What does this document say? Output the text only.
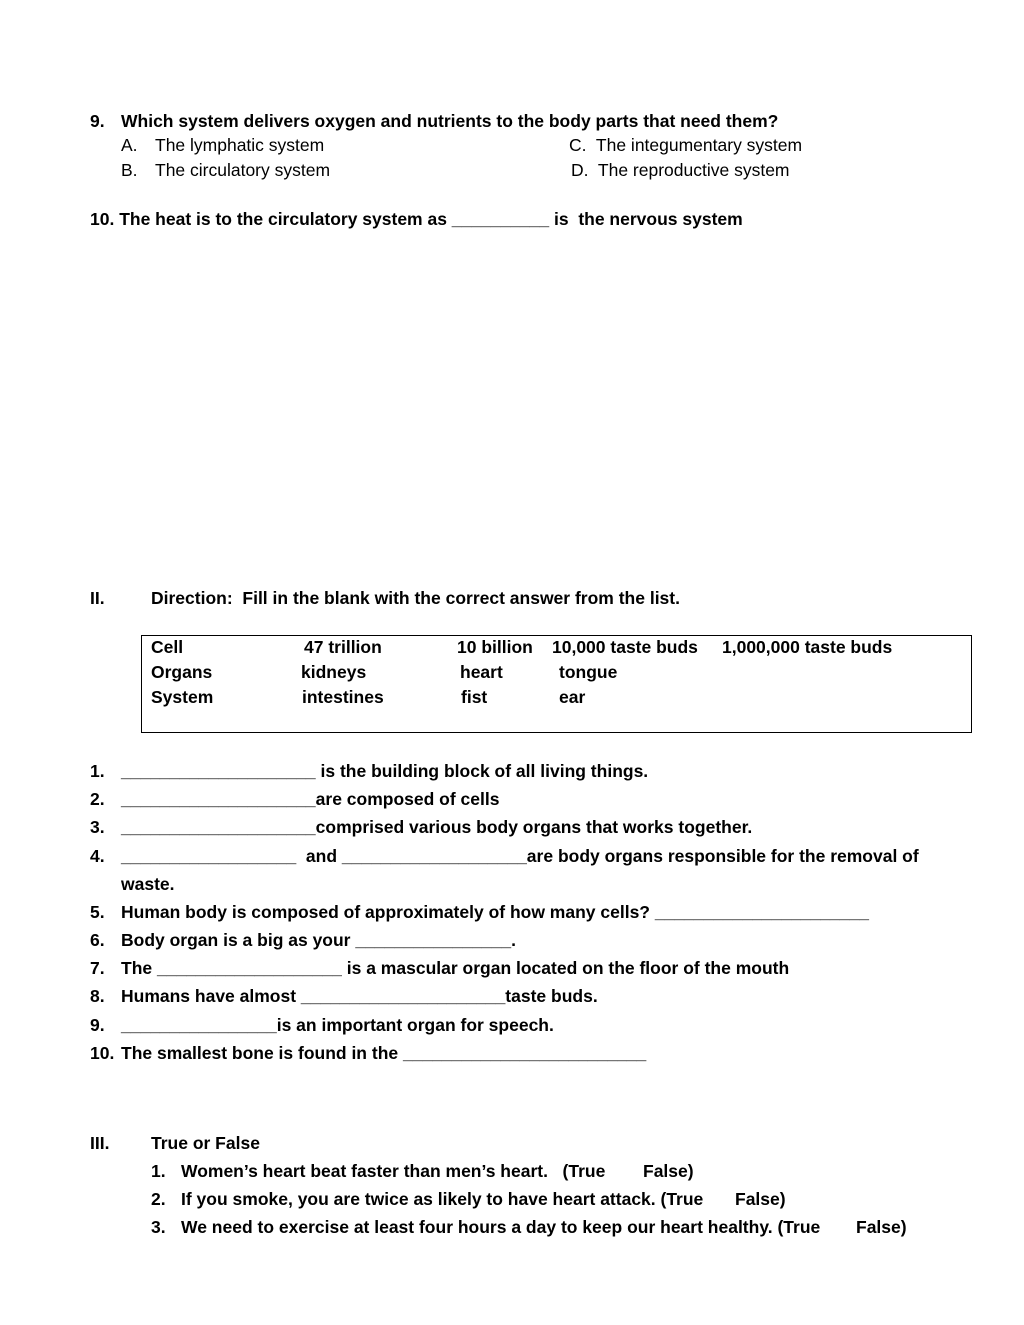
9. Which system delivers oxygen and nutrients to the body parts that need them?
A. The lymphatic system
B. The circulatory system
C.  The integumentary system
D.  The reproductive system
10. The heat is to the circulatory system as __________ is  the nervous system
II.	Direction:  Fill in the blank with the correct answer from the list.
Cell	47 trillion	10 billion 10,000 taste buds 1,000,000 taste buds
Organs	kidneys	heart	tongue
System	intestines	fist	ear
1. ____________________ is the building block of all living things.
2. ____________________are composed of cells
3. ____________________comprised various body organs that works together.
4. __________________  and ___________________are body organs responsible for the removal of
waste.
5. Human body is composed of approximately of how many cells? ______________________
6. Body organ is a big as your ________________.
7. The ___________________ is a mascular organ located on the floor of the mouth
8. Humans have almost _____________________taste buds.
9. ________________is an important organ for speech.
10. The smallest bone is found in the _________________________
III. True or False
1. Women’s heart beat faster than men’s heart.   (True False)
2. If you smoke, you are twice as likely to have heart attack. (True False)
3. We need to exercise at least four hours a day to keep our heart healthy. (True False)
